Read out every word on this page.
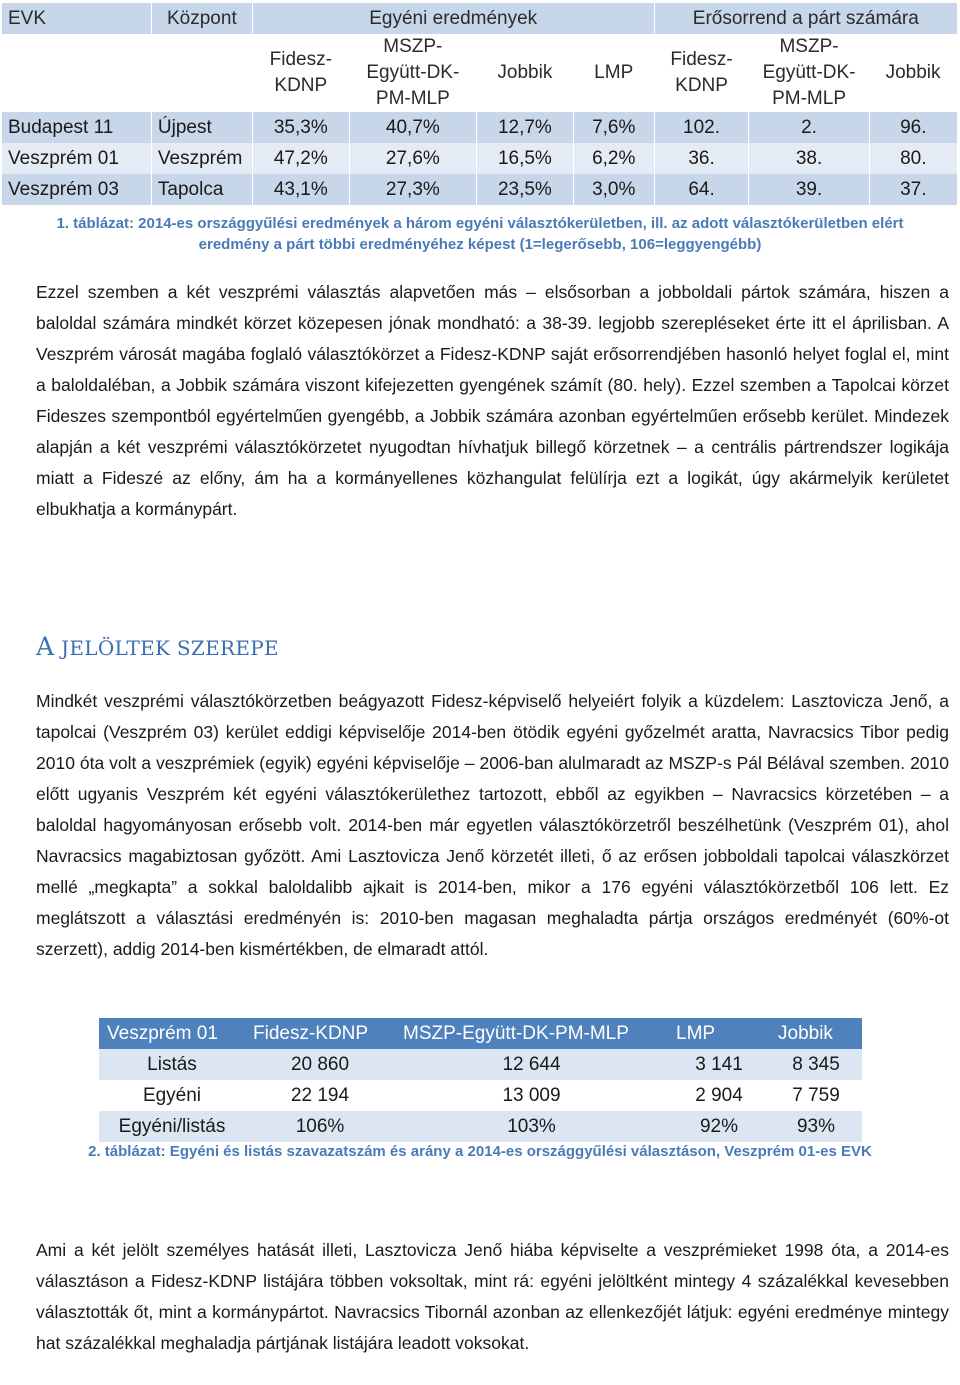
EVK	Központ	Egyéni eredmények				Erősorrend a párt számára		
		Fidesz-KDNP	MSZP-Együtt-DK-PM-MLP	Jobbik	LMP	Fidesz-KDNP	MSZP-Együtt-DK-PM-MLP	Jobbik
Budapest 11	Újpest	35,3%	40,7%	12,7%	7,6%	102.	2.	96.
Veszprém 01	Veszprém	47,2%	27,6%	16,5%	6,2%	36.	38.	80.
Veszprém 03	Tapolca	43,1%	27,3%	23,5%	3,0%	64.	39.	37.
1. táblázat: 2014-es országgyűlési eredmények a három egyéni választókerületben, ill. az adott választókerületben elért eredmény a párt többi eredményéhez képest (1=legerősebb, 106=leggyengébb)

Ezzel szemben a két veszprémi választás alapvetően más – elsősorban a jobboldali pártok számára, hiszen a baloldal számára mindkét körzet közepesen jónak mondható: a 38-39. legjobb szerepléseket érte itt el áprilisban. A Veszprém városát magába foglaló választókörzet a Fidesz-KDNP saját erősorrendjében hasonló helyet foglal el, mint a baloldaléban, a Jobbik számára viszont kifejezetten gyengének számít (80. hely). Ezzel szemben a Tapolcai körzet Fideszes szempontból egyértelműen gyengébb, a Jobbik számára azonban egyértelműen erősebb kerület. Mindezek alapján a két veszprémi választókörzetet nyugodtan hívhatjuk billegő körzetnek – a centrális pártrendszer logikája miatt a Fideszé az előny, ám ha a kormányellenes közhangulat felülírja ezt a logikát, úgy akármelyik kerületet elbukhatja a kormánypárt.

A JELÖLTEK SZEREPE

Mindkét veszprémi választókörzetben beágyazott Fidesz-képviselő helyeiért folyik a küzdelem: Lasztovicza Jenő, a tapolcai (Veszprém 03) kerület eddigi képviselője 2014-ben ötödik egyéni győzelmét aratta, Navracsics Tibor pedig 2010 óta volt a veszprémiek (egyik) egyéni képviselője – 2006-ban alulmaradt az MSZP-s Pál Bélával szemben. 2010 előtt ugyanis Veszprém két egyéni választókerülethez tartozott, ebből az egyikben – Navracsics körzetében – a baloldal hagyományosan erősebb volt. 2014-ben már egyetlen választókörzetről beszélhetünk (Veszprém 01), ahol Navracsics magabiztosan győzött. Ami Lasztovicza Jenő körzetét illeti, ő az erősen jobboldali tapolcai válaszkörzet mellé „megkapta” a sokkal baloldalibb ajkait is 2014-ben, mikor a 176 egyéni választókörzetből 106 lett. Ez meglátszott a választási eredményén is: 2010-ben magasan meghaladta pártja országos eredményét (60%-ot szerzett), addig 2014-ben kismértékben, de elmaradt attól.

Veszprém 01	Fidesz-KDNP	MSZP-Együtt-DK-PM-MLP	LMP	Jobbik
Listás	20 860	12 644	3 141	8 345
Egyéni	22 194	13 009	2 904	7 759
Egyéni/listás	106%	103%	92%	93%
2. táblázat: Egyéni és listás szavazatszám és arány a 2014-es országgyűlési választáson, Veszprém 01-es EVK

Ami a két jelölt személyes hatását illeti, Lasztovicza Jenő hiába képviselte a veszprémieket 1998 óta, a 2014-es választáson a Fidesz-KDNP listájára többen voksoltak, mint rá: egyéni jelöltként mintegy 4 százalékkal kevesebben választották őt, mint a kormánypártot. Navracsics Tibornál azonban az ellenkezőjét látjuk: egyéni eredménye mintegy hat százalékkal meghaladja pártjának listájára leadott voksokat.
